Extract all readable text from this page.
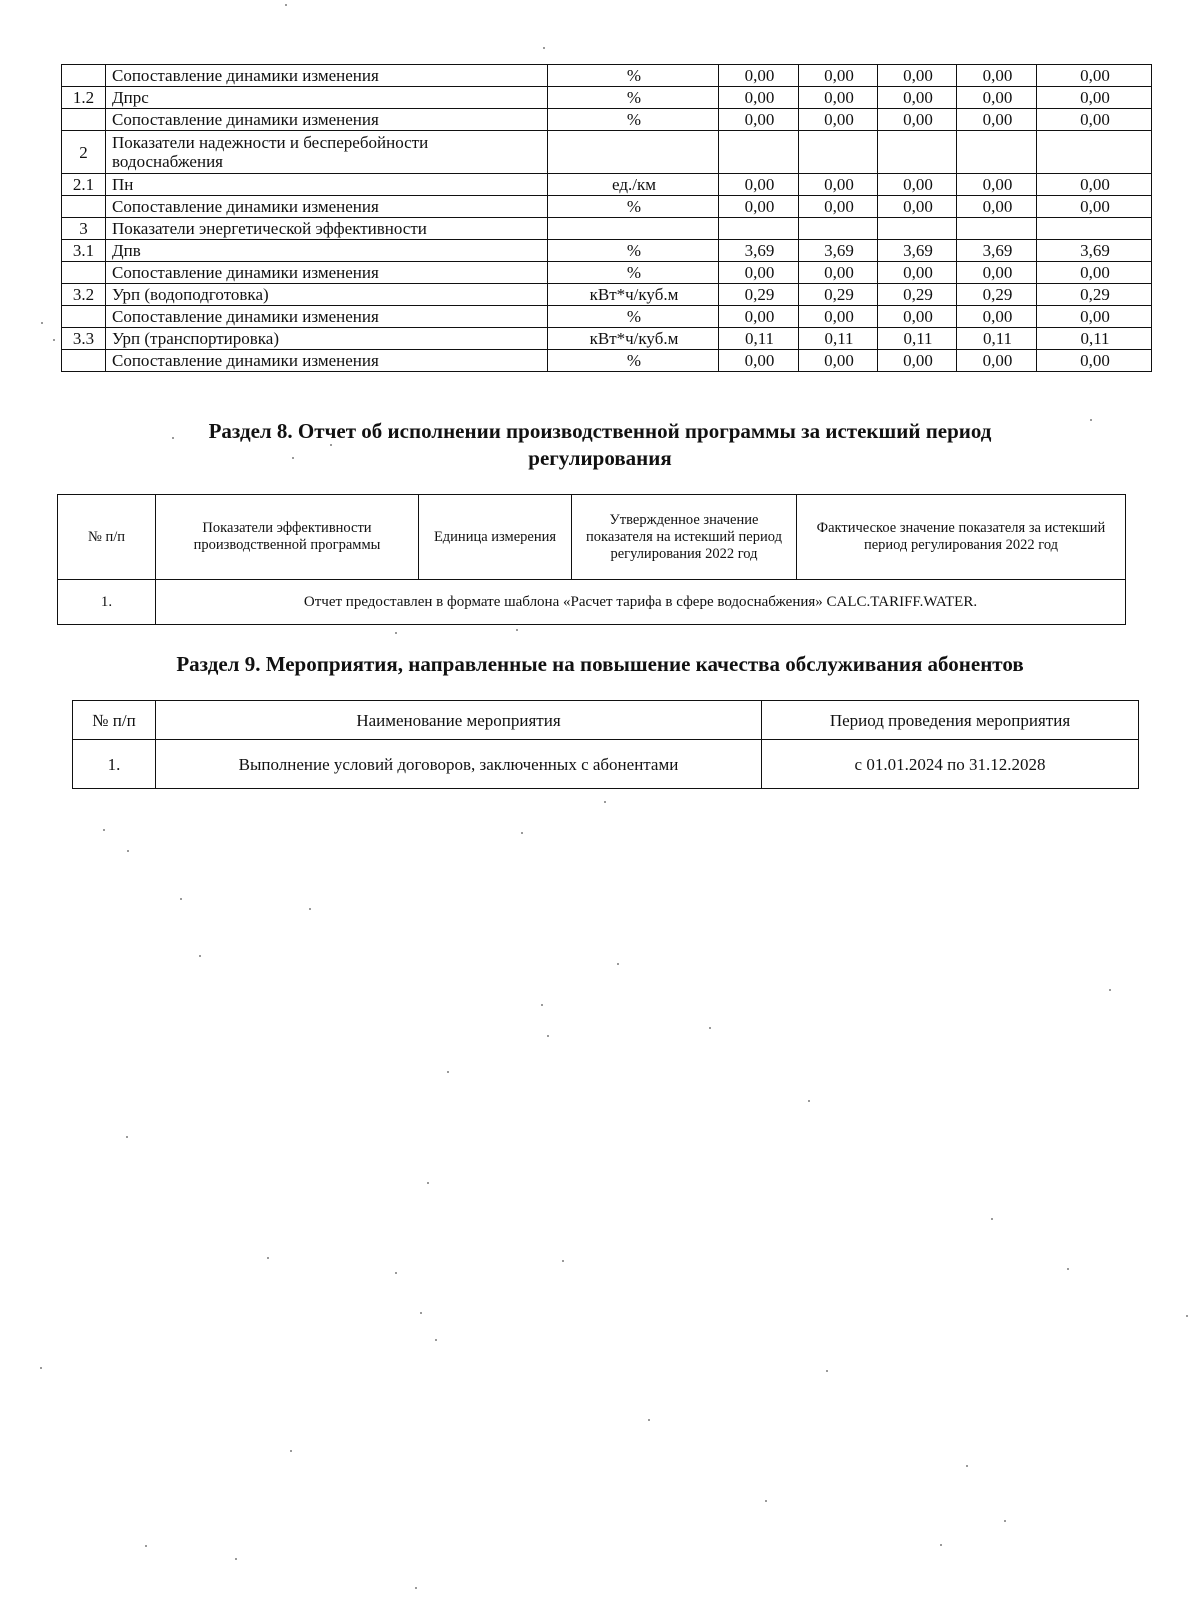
	Сопоставление динамики изменения	%	0,00	0,00	0,00	0,00	0,00
1.2	Дпрс	%	0,00	0,00	0,00	0,00	0,00
	Сопоставление динамики изменения	%	0,00	0,00	0,00	0,00	0,00
2	Показатели надежности и бесперебойности водоснабжения						
2.1	Пн	ед./км	0,00	0,00	0,00	0,00	0,00
	Сопоставление динамики изменения	%	0,00	0,00	0,00	0,00	0,00
3	Показатели энергетической эффективности						
3.1	Дпв	%	3,69	3,69	3,69	3,69	3,69
	Сопоставление динамики изменения	%	0,00	0,00	0,00	0,00	0,00
3.2	Урп (водоподготовка)	кВт*ч/куб.м	0,29	0,29	0,29	0,29	0,29
	Сопоставление динамики изменения	%	0,00	0,00	0,00	0,00	0,00
3.3	Урп (транспортировка)	кВт*ч/куб.м	0,11	0,11	0,11	0,11	0,11
	Сопоставление динамики изменения	%	0,00	0,00	0,00	0,00	0,00
Раздел 8. Отчет об исполнении производственной программы за истекший период
регулирования
№ п/п	Показатели эффективности производственной программы	Единица измерения	Утвержденное значение показателя на истекший период регулирования 2022 год	Фактическое значение показателя за истекший период регулирования 2022 год
1.	Отчет предоставлен в формате шаблона «Расчет тарифа в сфере водоснабжения» CALC.TARIFF.WATER.			
Раздел 9. Мероприятия, направленные на повышение качества обслуживания абонентов
№ п/п	Наименование мероприятия	Период проведения мероприятия
1.	Выполнение условий договоров, заключенных с абонентами	с 01.01.2024 по 31.12.2028
